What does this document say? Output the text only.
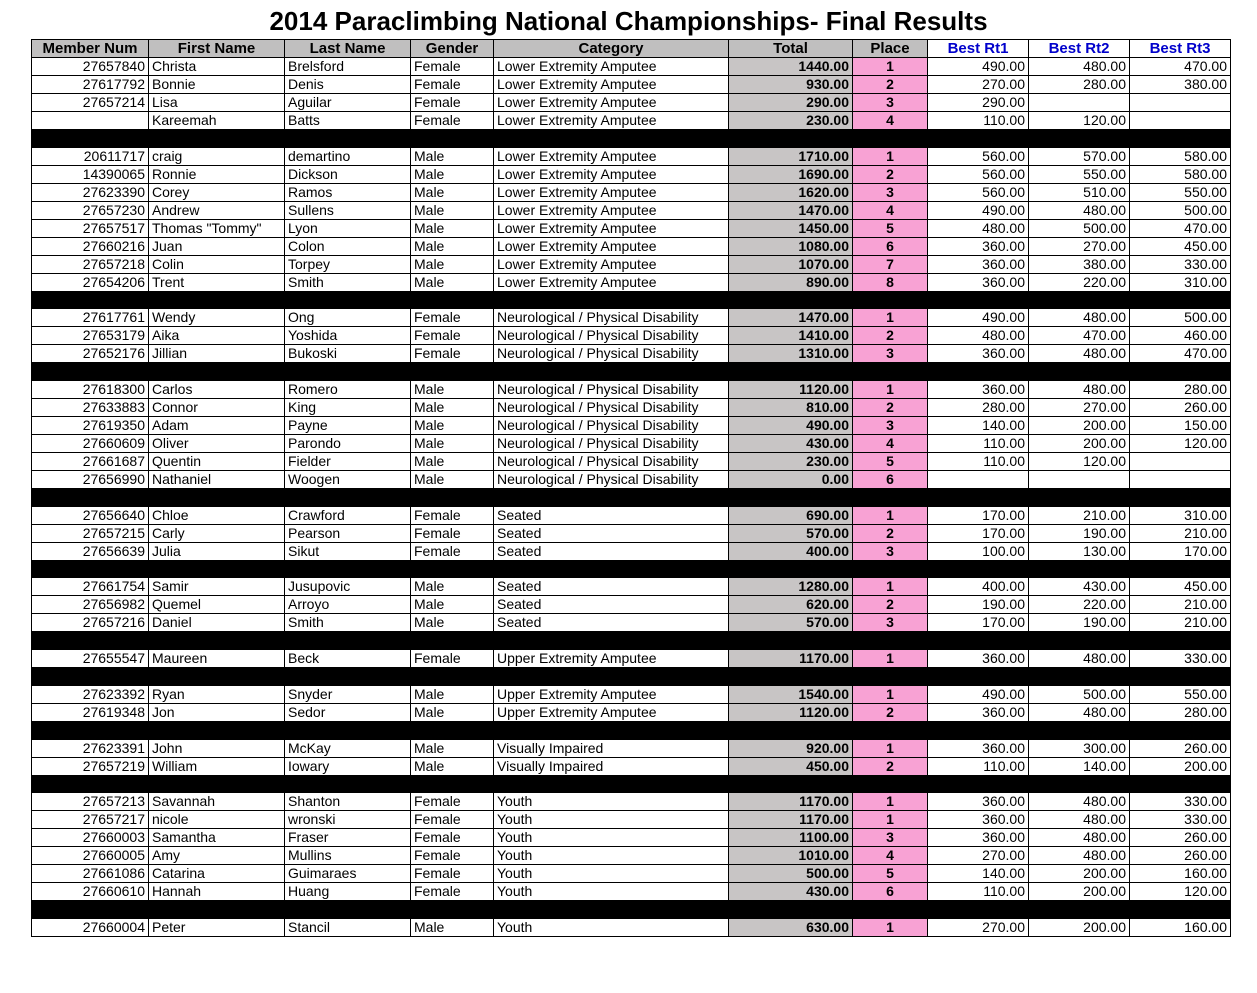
2014 Paraclimbing National Championships- Final Results
Member Num	First Name	Last Name	Gender	Category	Total	Place	Best Rt1	Best Rt2	Best Rt3
27657840	Christa	Brelsford	Female	Lower Extremity Amputee	1440.00	1	490.00	480.00	470.00
27617792	Bonnie	Denis	Female	Lower Extremity Amputee	930.00	2	270.00	280.00	380.00
27657214	Lisa	Aguilar	Female	Lower Extremity Amputee	290.00	3	290.00		
	Kareemah	Batts	Female	Lower Extremity Amputee	230.00	4	110.00	120.00	

20611717	craig	demartino	Male	Lower Extremity Amputee	1710.00	1	560.00	570.00	580.00
14390065	Ronnie	Dickson	Male	Lower Extremity Amputee	1690.00	2	560.00	550.00	580.00
27623390	Corey	Ramos	Male	Lower Extremity Amputee	1620.00	3	560.00	510.00	550.00
27657230	Andrew	Sullens	Male	Lower Extremity Amputee	1470.00	4	490.00	480.00	500.00
27657517	Thomas "Tommy"	Lyon	Male	Lower Extremity Amputee	1450.00	5	480.00	500.00	470.00
27660216	Juan	Colon	Male	Lower Extremity Amputee	1080.00	6	360.00	270.00	450.00
27657218	Colin	Torpey	Male	Lower Extremity Amputee	1070.00	7	360.00	380.00	330.00
27654206	Trent	Smith	Male	Lower Extremity Amputee	890.00	8	360.00	220.00	310.00

27617761	Wendy	Ong	Female	Neurological / Physical Disability	1470.00	1	490.00	480.00	500.00
27653179	Aika	Yoshida	Female	Neurological / Physical Disability	1410.00	2	480.00	470.00	460.00
27652176	Jillian	Bukoski	Female	Neurological / Physical Disability	1310.00	3	360.00	480.00	470.00

27618300	Carlos	Romero	Male	Neurological / Physical Disability	1120.00	1	360.00	480.00	280.00
27633883	Connor	King	Male	Neurological / Physical Disability	810.00	2	280.00	270.00	260.00
27619350	Adam	Payne	Male	Neurological / Physical Disability	490.00	3	140.00	200.00	150.00
27660609	Oliver	Parondo	Male	Neurological / Physical Disability	430.00	4	110.00	200.00	120.00
27661687	Quentin	Fielder	Male	Neurological / Physical Disability	230.00	5	110.00	120.00	
27656990	Nathaniel	Woogen	Male	Neurological / Physical Disability	0.00	6			

27656640	Chloe	Crawford	Female	Seated	690.00	1	170.00	210.00	310.00
27657215	Carly	Pearson	Female	Seated	570.00	2	170.00	190.00	210.00
27656639	Julia	Sikut	Female	Seated	400.00	3	100.00	130.00	170.00

27661754	Samir	Jusupovic	Male	Seated	1280.00	1	400.00	430.00	450.00
27656982	Quemel	Arroyo	Male	Seated	620.00	2	190.00	220.00	210.00
27657216	Daniel	Smith	Male	Seated	570.00	3	170.00	190.00	210.00

27655547	Maureen	Beck	Female	Upper Extremity Amputee	1170.00	1	360.00	480.00	330.00

27623392	Ryan	Snyder	Male	Upper Extremity Amputee	1540.00	1	490.00	500.00	550.00
27619348	Jon	Sedor	Male	Upper Extremity Amputee	1120.00	2	360.00	480.00	280.00

27623391	John	McKay	Male	Visually Impaired	920.00	1	360.00	300.00	260.00
27657219	William	Iowary	Male	Visually Impaired	450.00	2	110.00	140.00	200.00

27657213	Savannah	Shanton	Female	Youth	1170.00	1	360.00	480.00	330.00
27657217	nicole	wronski	Female	Youth	1170.00	1	360.00	480.00	330.00
27660003	Samantha	Fraser	Female	Youth	1100.00	3	360.00	480.00	260.00
27660005	Amy	Mullins	Female	Youth	1010.00	4	270.00	480.00	260.00
27661086	Catarina	Guimaraes	Female	Youth	500.00	5	140.00	200.00	160.00
27660610	Hannah	Huang	Female	Youth	430.00	6	110.00	200.00	120.00

27660004	Peter	Stancil	Male	Youth	630.00	1	270.00	200.00	160.00
